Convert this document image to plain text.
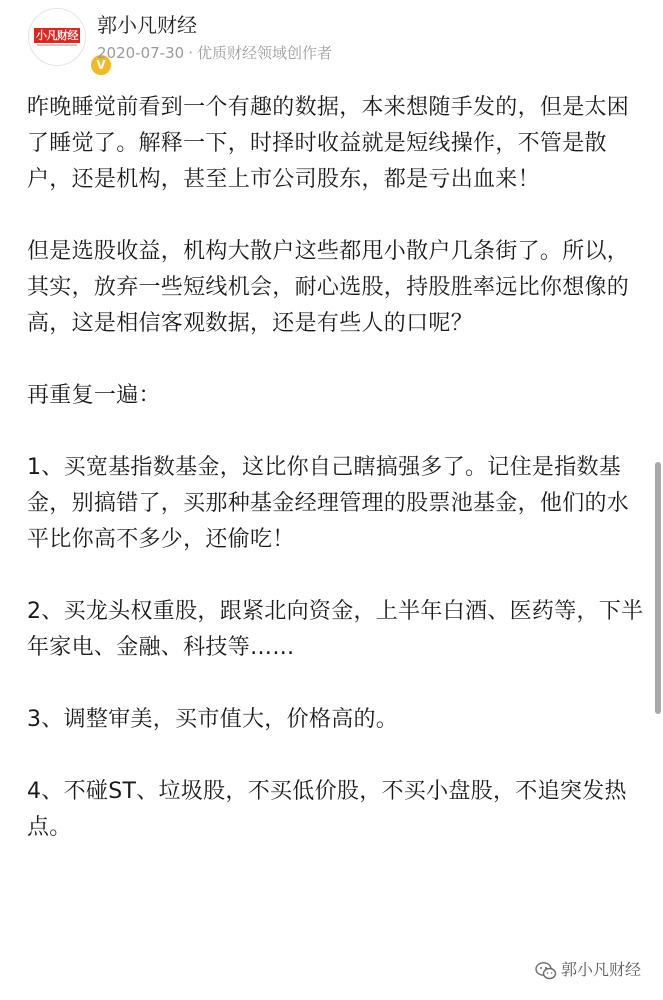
小凡财经
V
郭小凡财经
2020-07-30 · 优质财经领域创作者

昨晚睡觉前看到一个有趣的数据，本来想随手发的，但是太困了睡觉了。解释一下，时择时收益就是短线操作，不管是散户，还是机构，甚至上市公司股东，都是亏出血来！

但是选股收益，机构大散户这些都甩小散户几条街了。所以，其实，放弃一些短线机会，耐心选股，持股胜率远比你想像的高，这是相信客观数据，还是有些人的口呢？

再重复一遍：

1、买宽基指数基金，这比你自己瞎搞强多了。记住是指数基金，别搞错了，买那种基金经理管理的股票池基金，他们的水平比你高不多少，还偷吃！

2、买龙头权重股，跟紧北向资金，上半年白酒、医药等，下半年家电、金融、科技等……

3、调整审美，买市值大，价格高的。

4、不碰ST、垃圾股，不买低价股，不买小盘股，不追突发热点。

郭小凡财经
